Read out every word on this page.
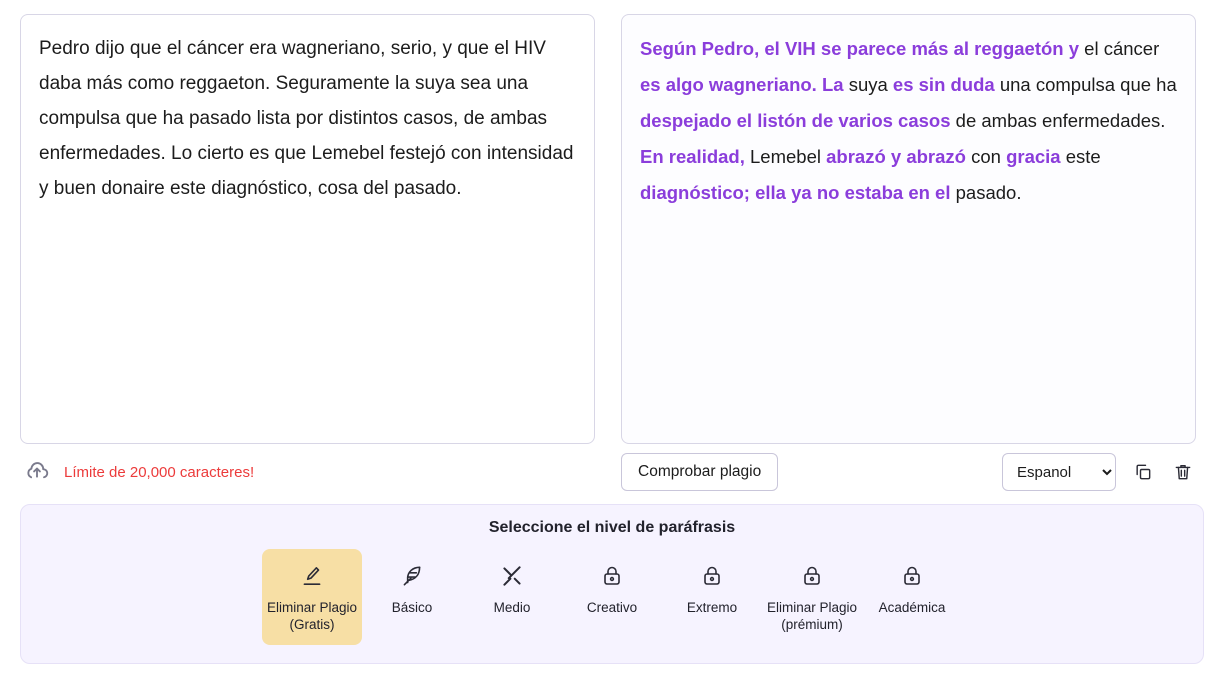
Pedro dijo que el cáncer era wagneriano, serio, y que el HIV daba más como reggaeton. Seguramente la suya sea una compulsa que ha pasado lista por distintos casos, de ambas enfermedades. Lo cierto es que Lemebel festejó con intensidad y buen donaire este diagnóstico, cosa del pasado.
Límite de 20,000 caracteres!
Según Pedro, el VIH se parece más al reggaetón y el cáncer es algo wagneriano. La suya es sin duda una compulsa que ha despejado el listón de varios casos de ambas enfermedades. En realidad, Lemebel abrazó y abrazó con gracia este diagnóstico; ella ya no estaba en el pasado.
Comprobar plagio
Espanol
Seleccione el nivel de paráfrasis
Eliminar Plagio
(Gratis)
Básico	Medio	Creativo	Extremo	Eliminar Plagio
(prémium)
Académica
